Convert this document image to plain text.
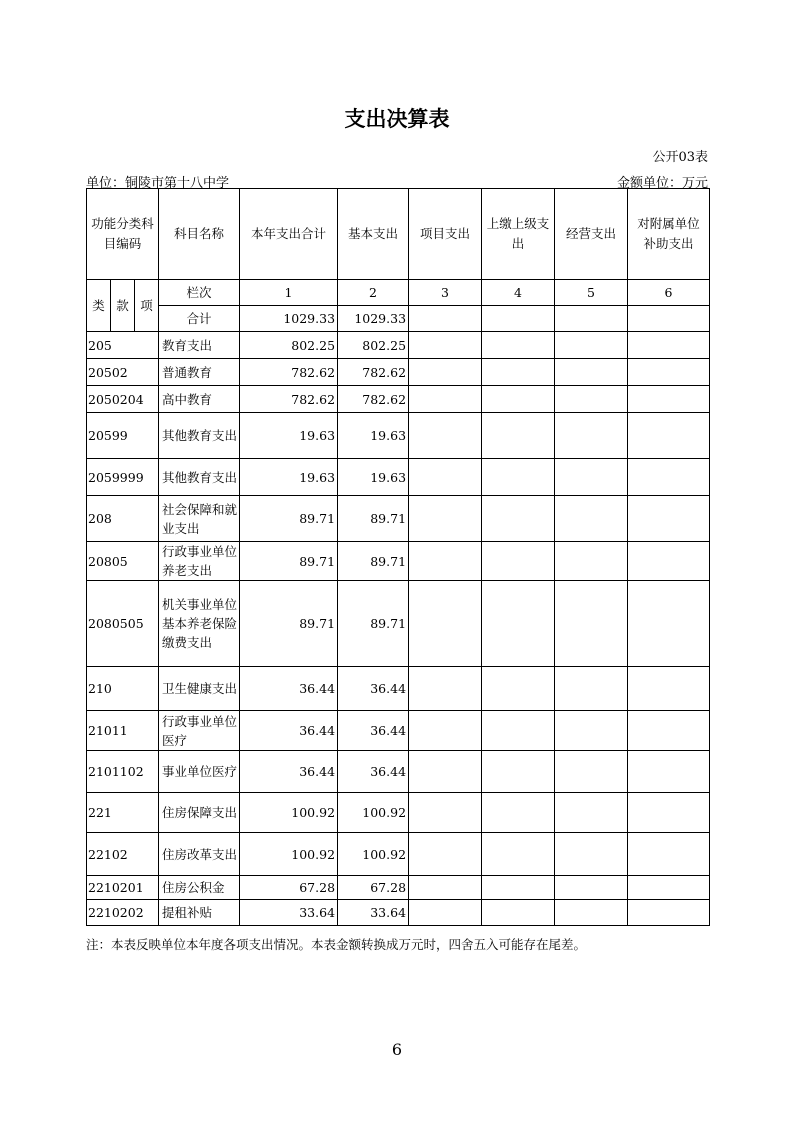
支出决算表
公开03表
单位：铜陵市第十八中学	金额单位：万元
功能分类科目编码			科目名称	本年支出合计	基本支出	项目支出	上缴上级支出	经营支出	对附属单位补助支出
类	款	项	栏次	1	2	3	4	5	6
			合计	1029.33	1029.33				
205			教育支出	802.25	802.25				
20502			普通教育	782.62	782.62				
2050204			高中教育	782.62	782.62				
20599			其他教育支出	19.63	19.63				
2059999			其他教育支出	19.63	19.63				
208			社会保障和就业支出	89.71	89.71				
20805			行政事业单位养老支出	89.71	89.71				
2080505			机关事业单位基本养老保险缴费支出	89.71	89.71				
210			卫生健康支出	36.44	36.44				
21011			行政事业单位医疗	36.44	36.44				
2101102			事业单位医疗	36.44	36.44				
221			住房保障支出	100.92	100.92				
22102			住房改革支出	100.92	100.92				
2210201			住房公积金	67.28	67.28				
2210202			提租补贴	33.64	33.64				
注：本表反映单位本年度各项支出情况。本表金额转换成万元时，四舍五入可能存在尾差。
6
